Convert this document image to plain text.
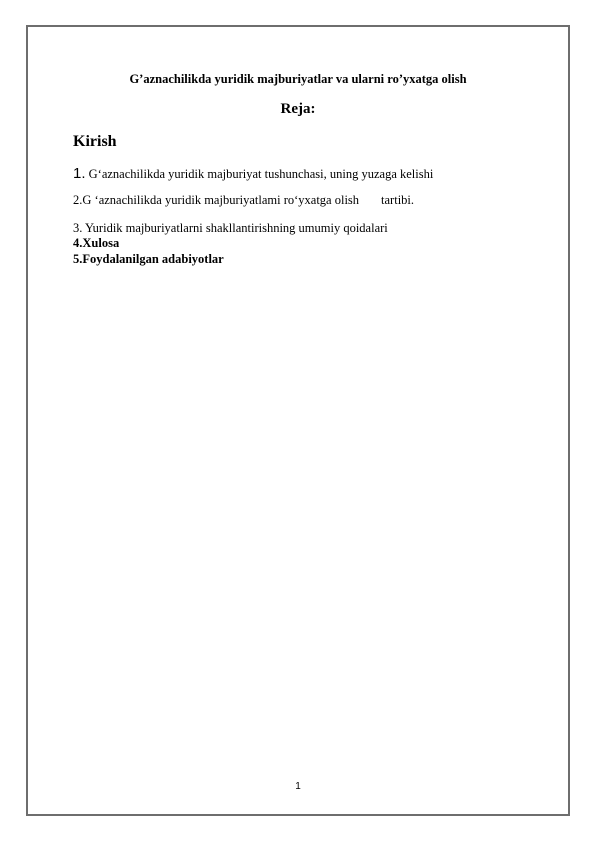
G’aznachilikda yuridik majburiyatlar va ularni ro’yxatga olish
Reja:
Kirish
1. G‘aznachilikda yuridik majburiyat tushunchasi, uning yuzaga kelishi
2.G ‘aznachilikda yuridik majburiyatlami ro‘yxatga olish tartibi.
3. Yuridik majburiyatlarni shakllantirishning umumiy qoidalari
4.Xulosa
5.Foydalanilgan adabiyotlar
1
